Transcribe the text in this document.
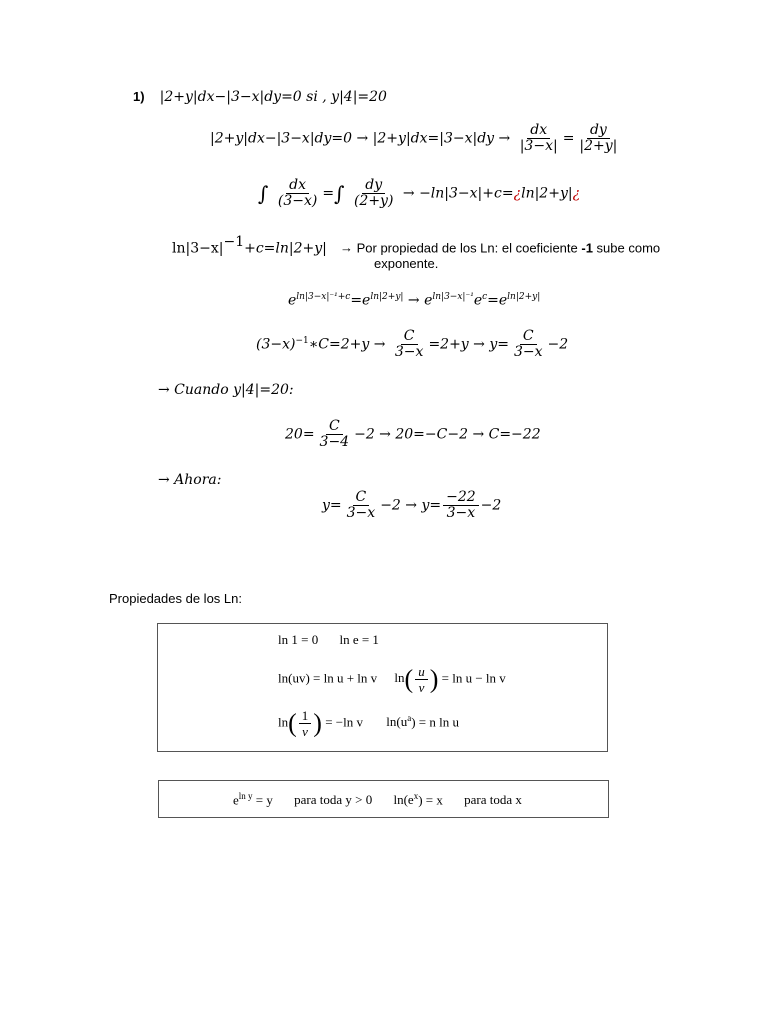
1) |2+y|dx−|3−x|dy=0 si , y|4|=20
$|2+y|dx-|3-x|dy=0 \to |2+y|dx=|3-x|dy \to \frac{dx}{|3-x|} = \frac{dy}{|2+y|}$
∫ $\frac{dx}{(3-x)}$ =∫ $\frac{dy}{(2+y)}$ → −ln|3−x|+c=¿ln|2+y|¿
$\ln|3-x|^{-1}+c=\ln|2+y|$ → Por propiedad de los Ln: el coeficiente -1 sube como
exponente.
$e^{ln|3-x|^{-1}+c}=e^{ln|2+y|} \to e^{ln|3-x|^{-1}}e^c=e^{ln|2+y|}$
$(3-x)^{-1}∗C=2+y \to \frac{C}{3-x} =2+y \to y= \frac{C}{3-x} -2$
→ Cuando y|4|=20:
$20= \frac{C}{3-4} -2 \to 20=-C-2 \to C=-22$
→ Ahora:
$y= \frac{C}{3-x} -2 \to y= \frac{-22}{3-x} -2$
Propiedades de los Ln:
ln 1 = 0 ln e = 1
ln(uv) = ln u + ln v $\ln( \frac{u}{v}$ ) = ln u − ln v
$\ln( \frac{1}{v}$ ) = −ln v $\ln(u^a) = n$ ln u
$e^{ln y} = y$ para toda y > 0 $\ln(e^x) = x$ para toda x
